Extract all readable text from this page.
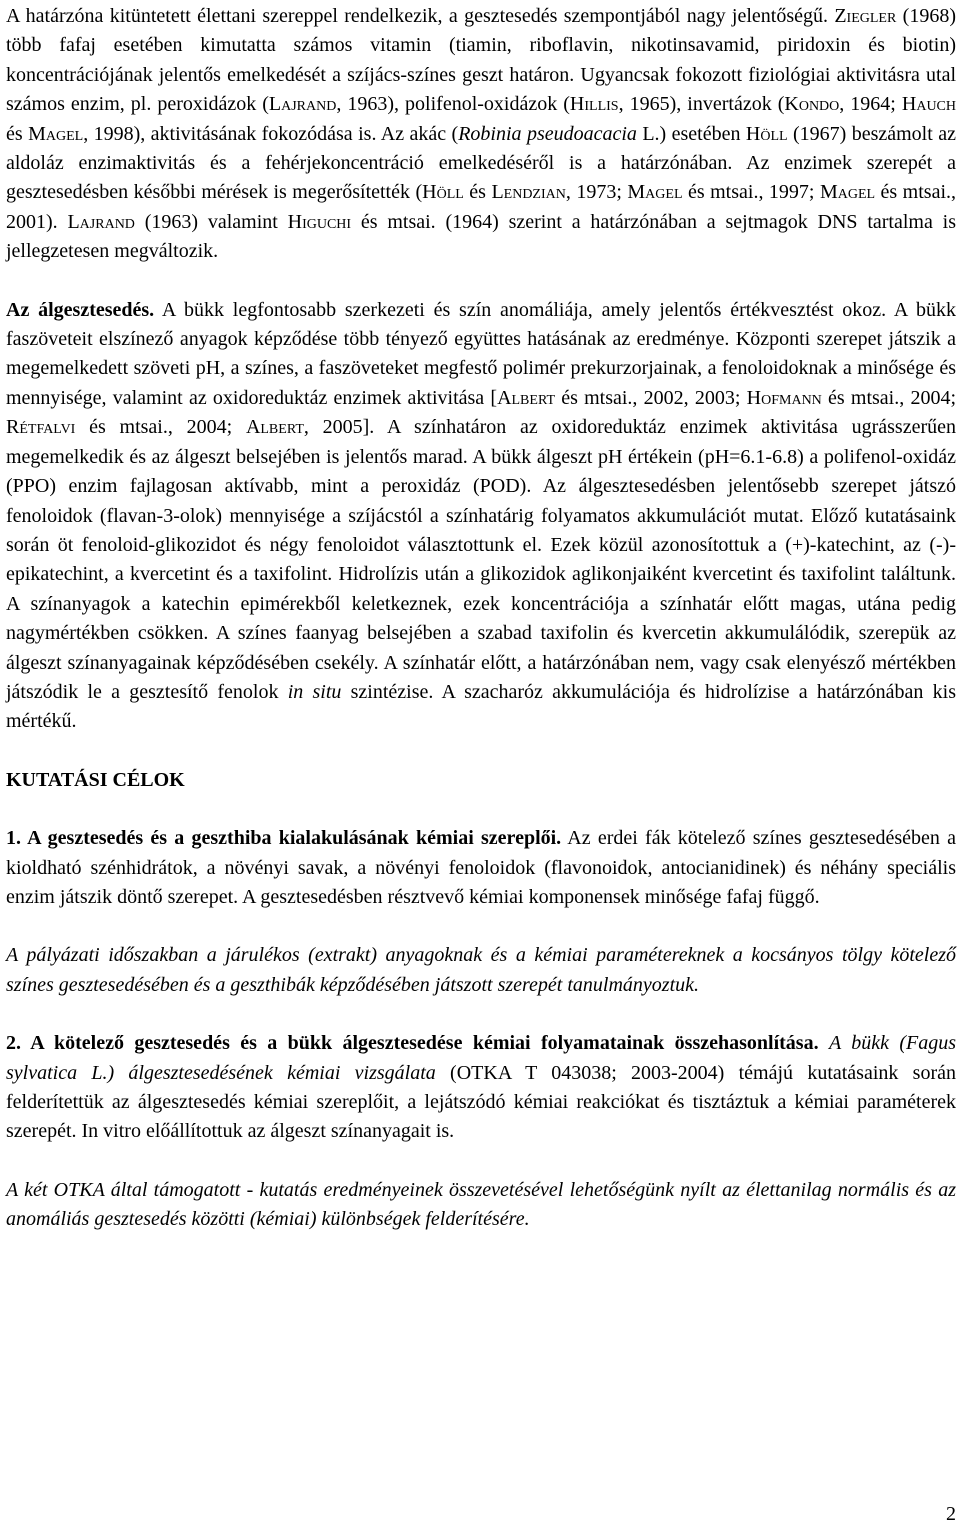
A határzóna kitüntetett élettani szereppel rendelkezik, a gesztesedés szempontjából nagy jelentőségű. Ziegler (1968) több fafaj esetében kimutatta számos vitamin (tiamin, riboflavin, nikotinsavamid, piridoxin és biotin) koncentrációjának jelentős emelkedését a szíjács-színes geszt határon. Ugyancsak fokozott fiziológiai aktivitásra utal számos enzim, pl. peroxidázok (Lajrand, 1963), polifenol-oxidázok (Hillis, 1965), invertázok (Kondo, 1964; Hauch és Magel, 1998), aktivitásának fokozódása is. Az akác (Robinia pseudoacacia L.) esetében Höll (1967) beszámolt az aldoláz enzimaktivitás és a fehérjekoncentráció emelkedéséről is a határzónában. Az enzimek szerepét a gesztesedésben későbbi mérések is megerősítették (Höll és Lendzian, 1973; Magel és mtsai., 1997; Magel és mtsai., 2001). Lajrand (1963) valamint Higuchi és mtsai. (1964) szerint a határzónában a sejtmagok DNS tartalma is jellegzetesen megváltozik.

Az álgesztesedés. A bükk legfontosabb szerkezeti és szín anomáliája, amely jelentős értékvesztést okoz. A bükk faszöveteit elszínező anyagok képződése több tényező együttes hatásának az eredménye. Központi szerepet játszik a megemelkedett szöveti pH, a színes, a faszöveteket megfestő polimér prekurzorjainak, a fenoloidoknak a minősége és mennyisége, valamint az oxidoreduktáz enzimek aktivitása [Albert és mtsai., 2002, 2003; Hofmann és mtsai., 2004; Rétfalvi és mtsai., 2004; Albert, 2005]. A színhatáron az oxidoreduktáz enzimek aktivitása ugrásszerűen megemelkedik és az álgeszt belsejében is jelentős marad. A bükk álgeszt pH értékein (pH=6.1-6.8) a polifenol-oxidáz (PPO) enzim fajlagosan aktívabb, mint a peroxidáz (POD). Az álgesztesedésben jelentősebb szerepet játszó fenoloidok (flavan-3-olok) mennyisége a szíjácstól a színhatárig folyamatos akkumulációt mutat. Előző kutatásaink során öt fenoloid-glikozidot és négy fenoloidot választottunk el. Ezek közül azonosítottuk a (+)-katechint, az (-)-epikatechint, a kvercetint és a taxifolint. Hidrolízis után a glikozidok aglikonjaiként kvercetint és taxifolint találtunk. A színanyagok a katechin epimérekből keletkeznek, ezek koncentrációja a színhatár előtt magas, utána pedig nagymértékben csökken. A színes faanyag belsejében a szabad taxifolin és kvercetin akkumulálódik, szerepük az álgeszt színanyagainak képződésében csekély. A színhatár előtt, a határzónában nem, vagy csak elenyésző mértékben játszódik le a gesztesítő fenolok in situ szintézise. A szacharóz akkumulációja és hidrolízise a határzónában kis mértékű.

KUTATÁSI CÉLOK

1. A gesztesedés és a geszthiba kialakulásának kémiai szereplői. Az erdei fák kötelező színes gesztesedésében a kioldható szénhidrátok, a növényi savak, a növényi fenoloidok (flavonoidok, antocianidinek) és néhány speciális enzim játszik döntő szerepet. A gesztesedésben résztvevő kémiai komponensek minősége fafaj függő.

A pályázati időszakban a járulékos (extrakt) anyagoknak és a kémiai paramétereknek a kocsányos tölgy kötelező színes gesztesedésében és a geszthibák képződésében játszott szerepét tanulmányoztuk.

2. A kötelező gesztesedés és a bükk álgesztesedése kémiai folyamatainak összehasonlítása. A bükk (Fagus sylvatica L.) álgesztesedésének kémiai vizsgálata (OTKA T 043038; 2003-2004) témájú kutatásaink során felderítettük az álgesztesedés kémiai szereplőit, a lejátszódó kémiai reakciókat és tisztáztuk a kémiai paraméterek szerepét. In vitro előállítottuk az álgeszt színanyagait is.

A két OTKA által támogatott - kutatás eredményeinek összevetésével lehetőségünk nyílt az élettanilag normális és az anomáliás gesztesedés közötti (kémiai) különbségek felderítésére.

2
